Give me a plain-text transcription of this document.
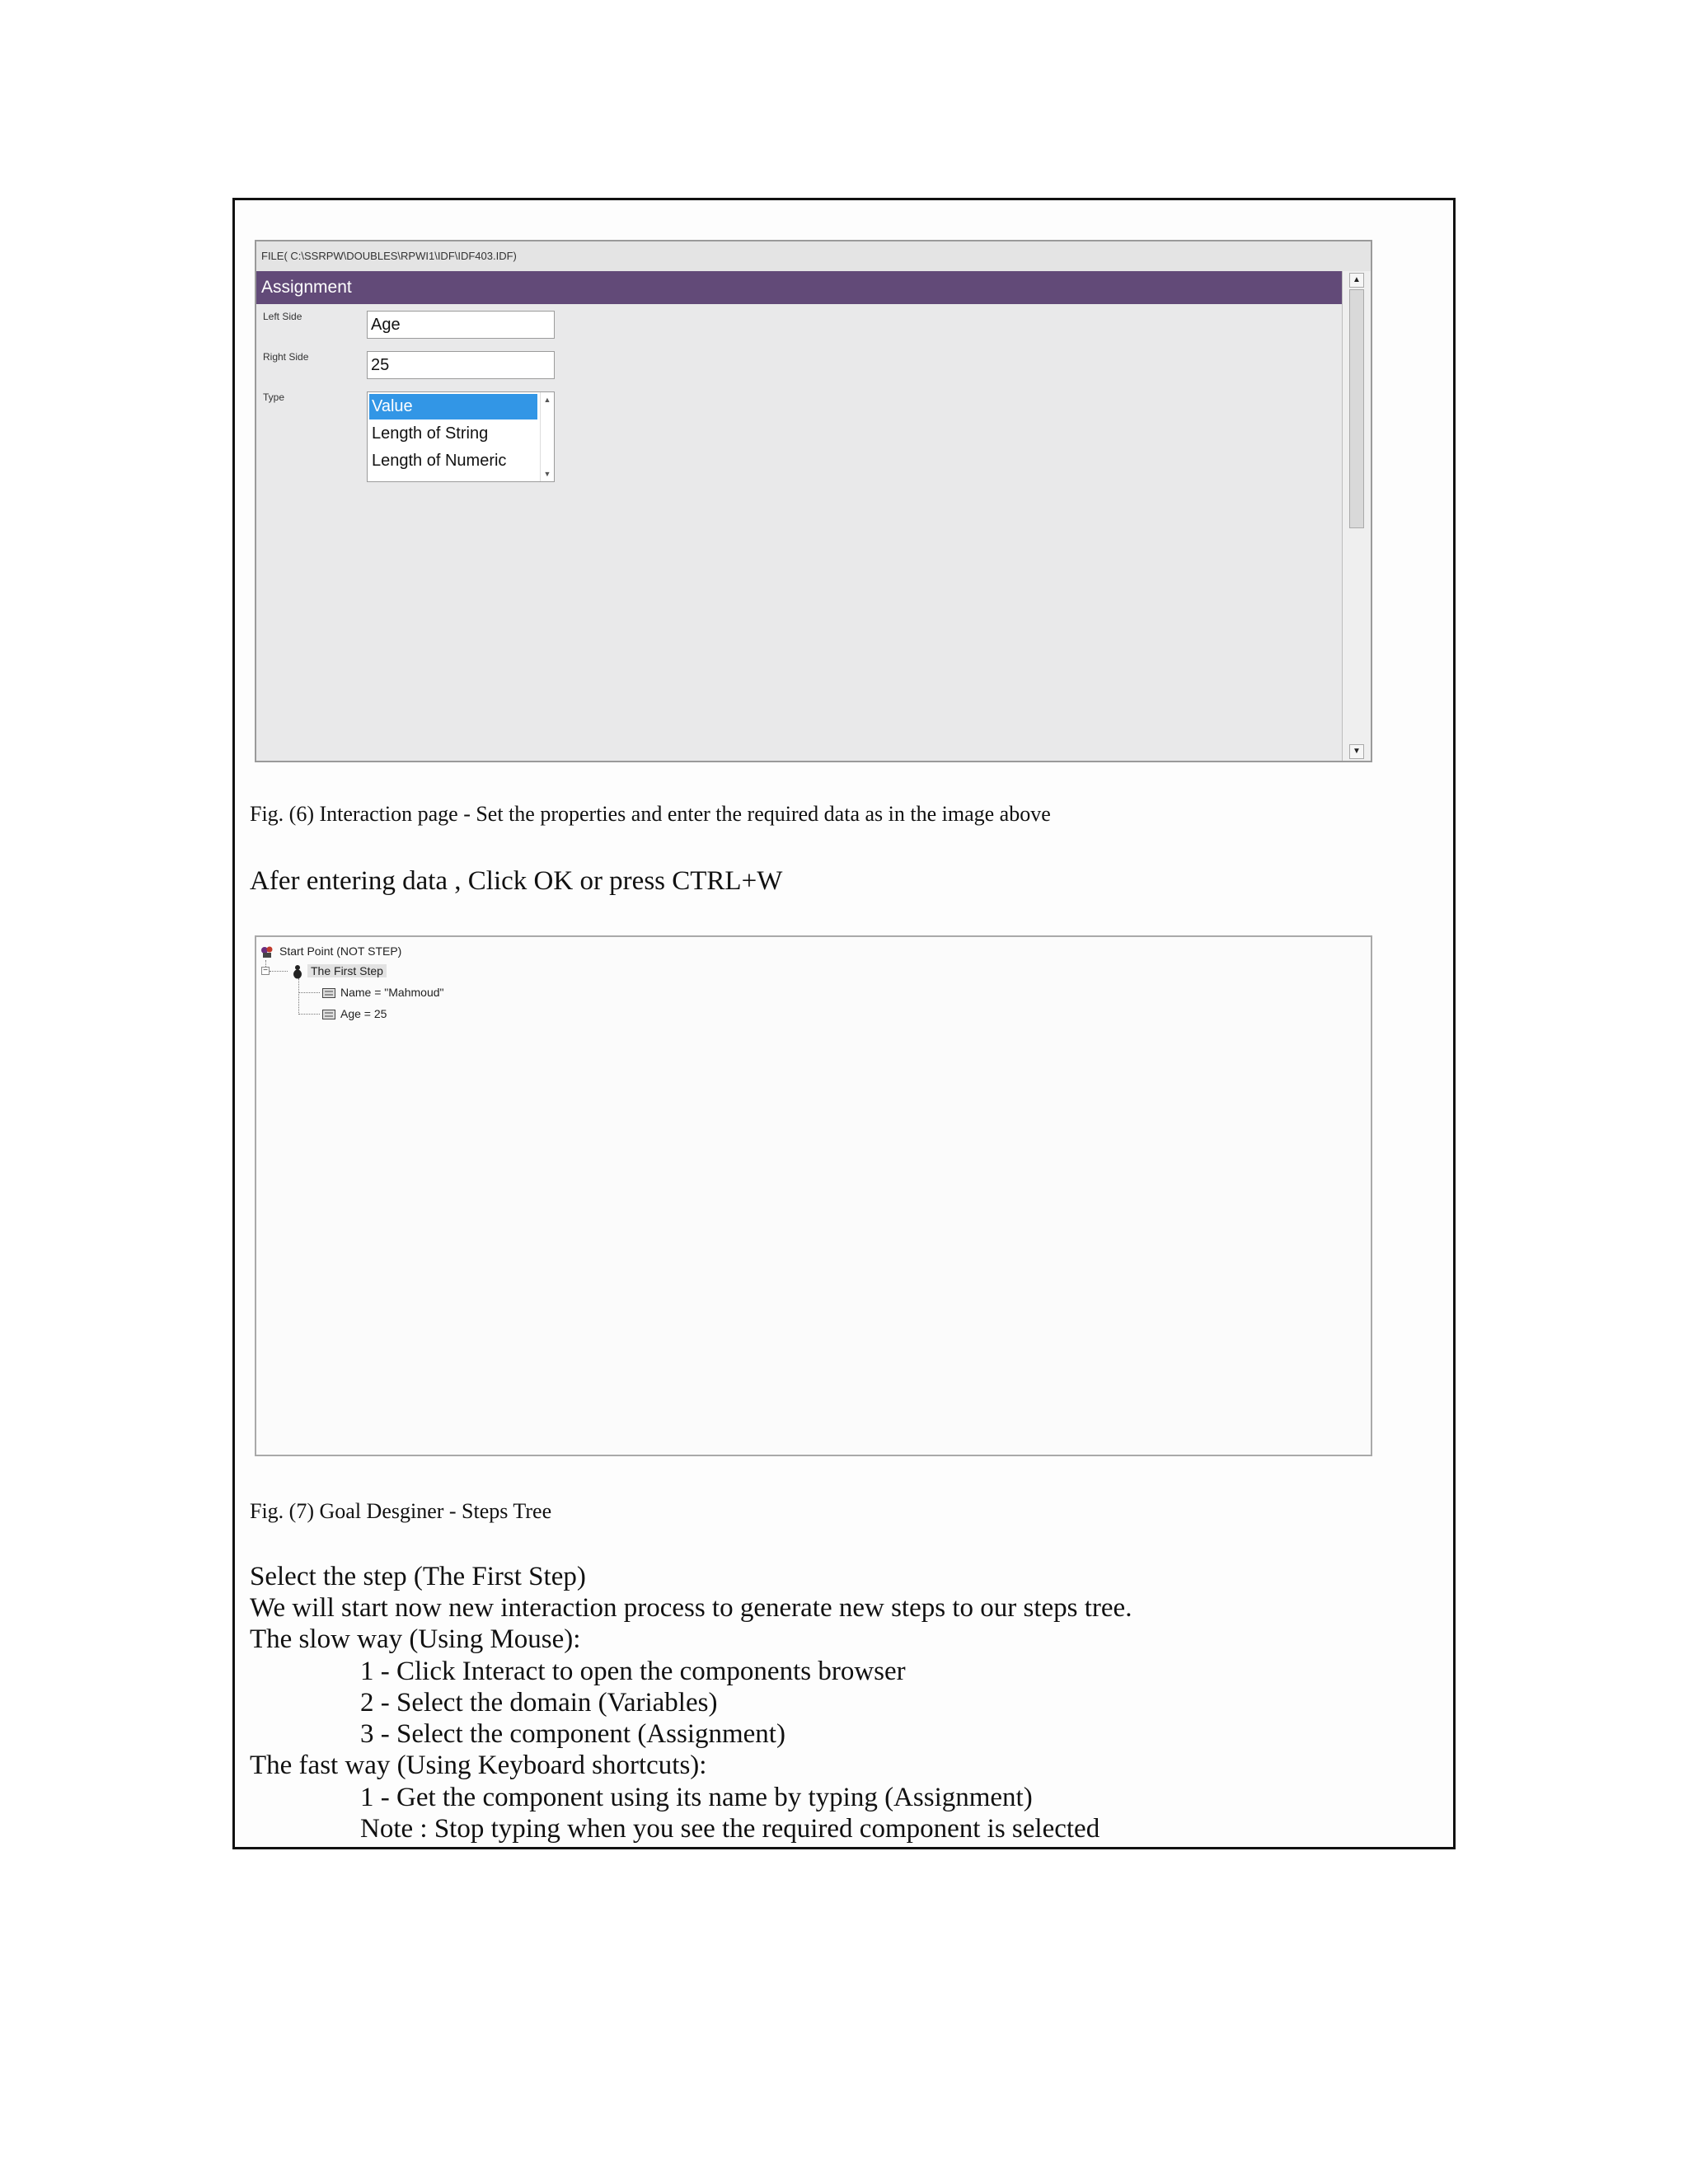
FILE( C:\SSRPW\DOUBLES\RPWI1\IDF\IDF403.IDF)
Assignment
Left Side	Age
Right Side	25
Type	Value
Length of String
Length of Numeric
▲
▼
▲
▼
Fig. (6) Interaction page - Set the properties and enter the required data as in the image above
Afer entering data , Click OK or press CTRL+W
−
Start Point (NOT STEP)
The First Step
Name = "Mahmoud"
Age = 25
Fig. (7) Goal Desginer - Steps Tree
Select the step (The First Step)
We will start now new interaction process to generate new steps to our steps tree.
The slow way (Using Mouse):
1 - Click Interact to open the components browser
2 - Select the domain (Variables)
3 - Select the component (Assignment)
The fast way (Using Keyboard shortcuts):
1 - Get the component using its name by typing (Assignment)
Note : Stop typing when you see the required component is selected
